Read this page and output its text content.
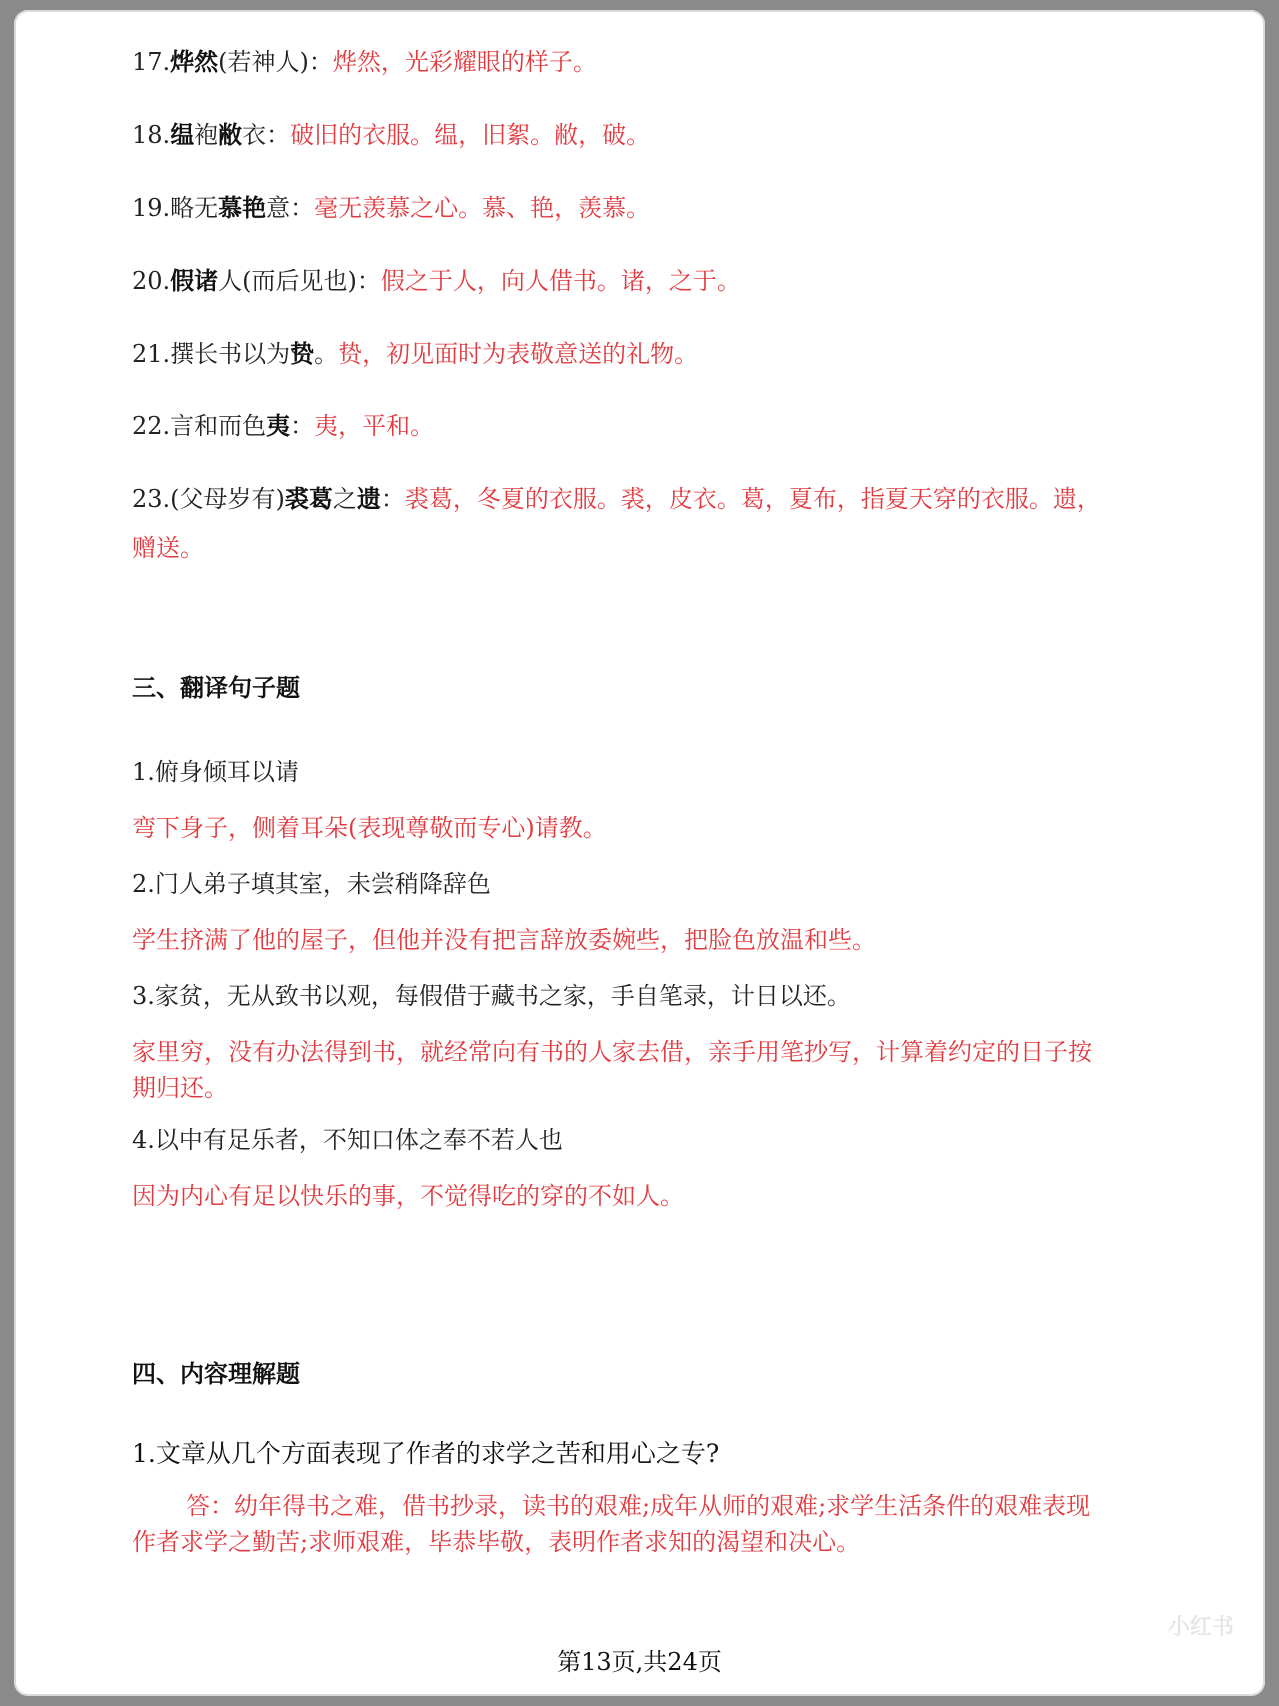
17.烨然(若神人)：烨然，光彩耀眼的样子。
18.缊袍敝衣：破旧的衣服。缊，旧絮。敝，破。
19.略无慕艳意：毫无羡慕之心。慕、艳，羡慕。
20.假诸人(而后见也)：假之于人，向人借书。诸，之于。
21.撰长书以为贽。贽，初见面时为表敬意送的礼物。
22.言和而色夷：夷，平和。
23.(父母岁有)裘葛之遗：裘葛，冬夏的衣服。裘，皮衣。葛，夏布，指夏天穿的衣服。遗，
赠送。
三、翻译句子题
1.俯身倾耳以请
弯下身子，侧着耳朵(表现尊敬而专心)请教。
2.门人弟子填其室，未尝稍降辞色
学生挤满了他的屋子，但他并没有把言辞放委婉些，把脸色放温和些。
3.家贫，无从致书以观，每假借于藏书之家，手自笔录，计日以还。
家里穷，没有办法得到书，就经常向有书的人家去借，亲手用笔抄写，计算着约定的日子按
期归还。
4.以中有足乐者，不知口体之奉不若人也
因为内心有足以快乐的事，不觉得吃的穿的不如人。
四、内容理解题
1.文章从几个方面表现了作者的求学之苦和用心之专?
答：幼年得书之难，借书抄录，读书的艰难;成年从师的艰难;求学生活条件的艰难表现
作者求学之勤苦;求师艰难，毕恭毕敬，表明作者求知的渴望和决心。
小红书
第13页,共24页
